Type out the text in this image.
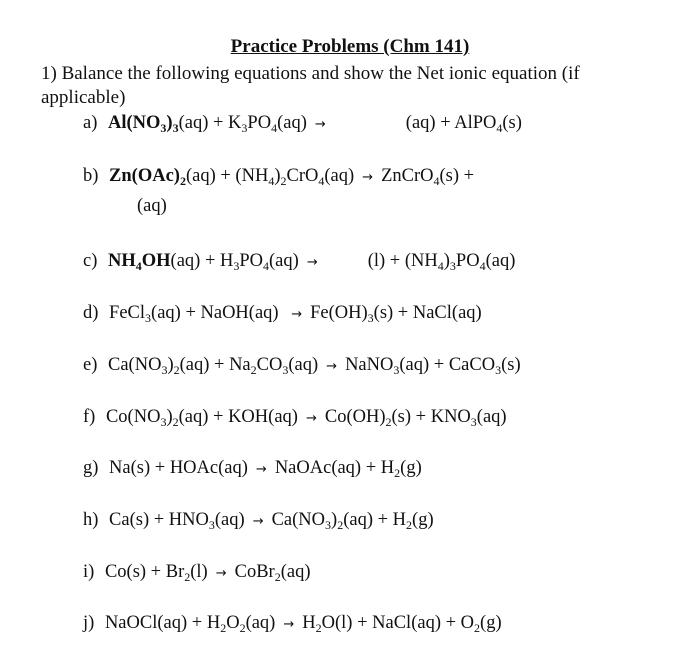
Practice Problems (Chm 141)
1) Balance the following equations and show the Net ionic equation (if applicable)
a) $Al(NO_3)_3(aq) + K_3PO_4(aq)$ →	(aq) + AlPO$_4$(s)
b) $Zn(OAc)_2(aq) + (NH_4)_2CrO_4(aq)$ → ZnCrO$_4$(s) +
(aq)
c) $NH_4OH(aq) + H_3PO_4(aq)$ →	$(l) + (NH_4)_3PO_4(aq)$
d) FeCl$_3$(aq) + NaOH(aq) → $Fe(OH)_3(s)$ + NaCl(aq)
e) $Ca(NO_3)_2(aq) + Na_2CO_3(aq)$ → NaNO$_3$(aq) + CaCO$_3$(s)
f) $Co(NO_3)_2(aq) + KOH(aq) \to Co(OH)_2(s) + KNO_3(aq)$
g) Na(s) + HOAc(aq) → NaOAc(aq) + $H_2(g)$
h) $Ca(s) + HNO_3(aq) \to Ca(NO_3)_2(aq) + H_2(g)$
i) $Co(s) + Br_2(l)$ → CoBr$_2$(aq)
j) NaOCl(aq) + $H_2O_2(aq) \to H_2O(l)$ + NaCl(aq) + $O_2(g)$
